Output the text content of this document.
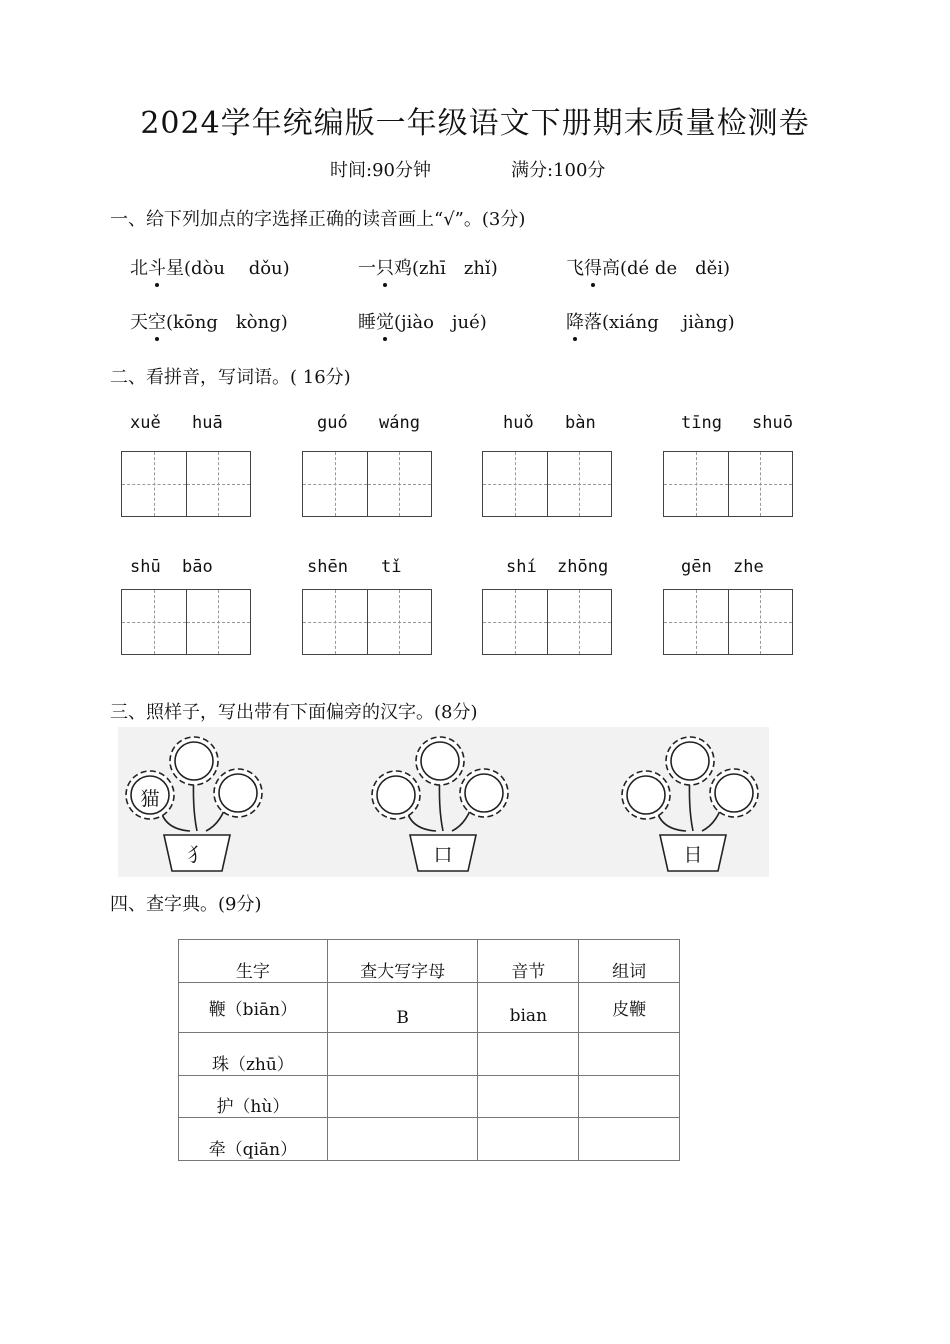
2024学年统编版一年级语文下册期末质量检测卷
时间:90分钟	满分:100分
一、给下列加点的字选择正确的读音画上“√”。(3分)
北斗星(dòu　 dǒu)	一只鸡(zhī　zhǐ)	飞得高(dé de　děi)
天空(kōng　kòng)	睡觉(jiào　jué)	降落(xiáng　 jiàng)
二、看拼音，写词语。( 16分)
xuě huā	guó wáng	huǒ bàn	tīng shuō
shū bāo	shēn tǐ	shí zhōng	gēn zhe
三、照样子，写出带有下面偏旁的汉字。(8分)
猫
犭	口	日
四、查字典。(9分)
生字	查大写字母	音节	组词
鞭（biān）	B	bian	皮鞭
珠（zhū）			
护（hù）			
牵（qiān）			
